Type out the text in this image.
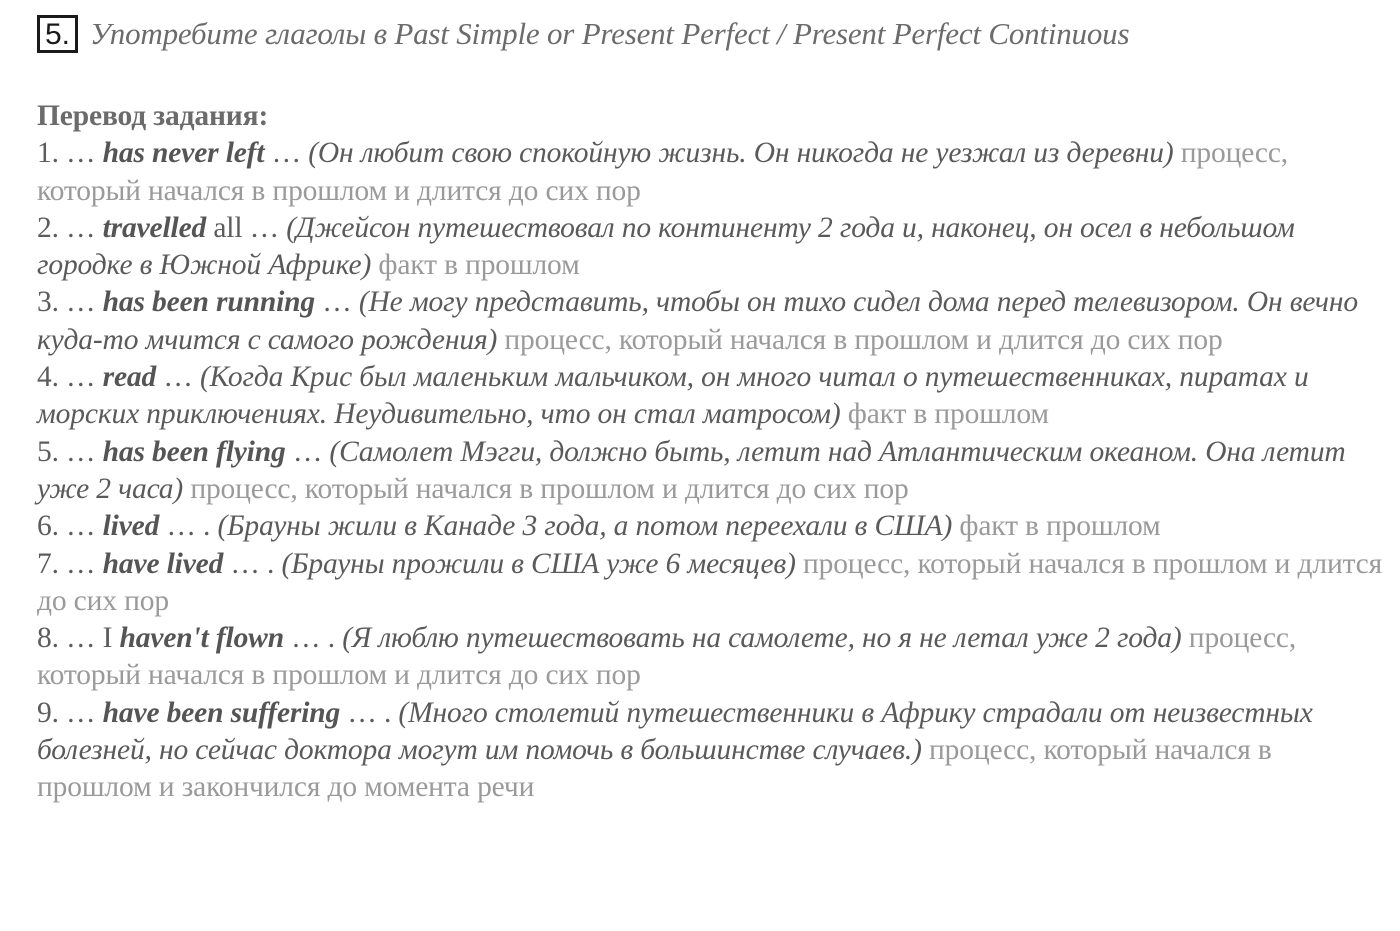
5. Употребите глаголы в Past Simple or Present Perfect / Present Perfect Continuous
Перевод задания:
1. … has never left … (Он любит свою спокойную жизнь. Он никогда не уезжал из деревни) процесс, который начался в прошлом и длится до сих пор
2. … travelled all … (Джейсон путешествовал по континенту 2 года и, наконец, он осел в небольшом городке в Южной Африке) факт в прошлом
3. … has been running … (Не могу представить, чтобы он тихо сидел дома перед телевизором. Он вечно куда-то мчится с самого рождения) процесс, который начался в прошлом и длится до сих пор
4. … read … (Когда Крис был маленьким мальчиком, он много читал о путешественниках, пиратах и морских приключениях. Неудивительно, что он стал матросом) факт в прошлом
5. … has been flying … (Самолет Мэгги, должно быть, летит над Атлантическим океаном. Она летит уже 2 часа) процесс, который начался в прошлом и длится до сих пор
6. … lived … . (Брауны жили в Канаде 3 года, а потом переехали в США) факт в прошлом
7. … have lived … . (Брауны прожили в США уже 6 месяцев) процесс, который начался в прошлом и длится до сих пор
8. … I haven't flown … . (Я люблю путешествовать на самолете, но я не летал уже 2 года) процесс, который начался в прошлом и длится до сих пор
9. … have been suffering … . (Много столетий путешественники в Африку страдали от неизвестных болезней, но сейчас доктора могут им помочь в большинстве случаев.) процесс, который начался в прошлом и закончился до момента речи
